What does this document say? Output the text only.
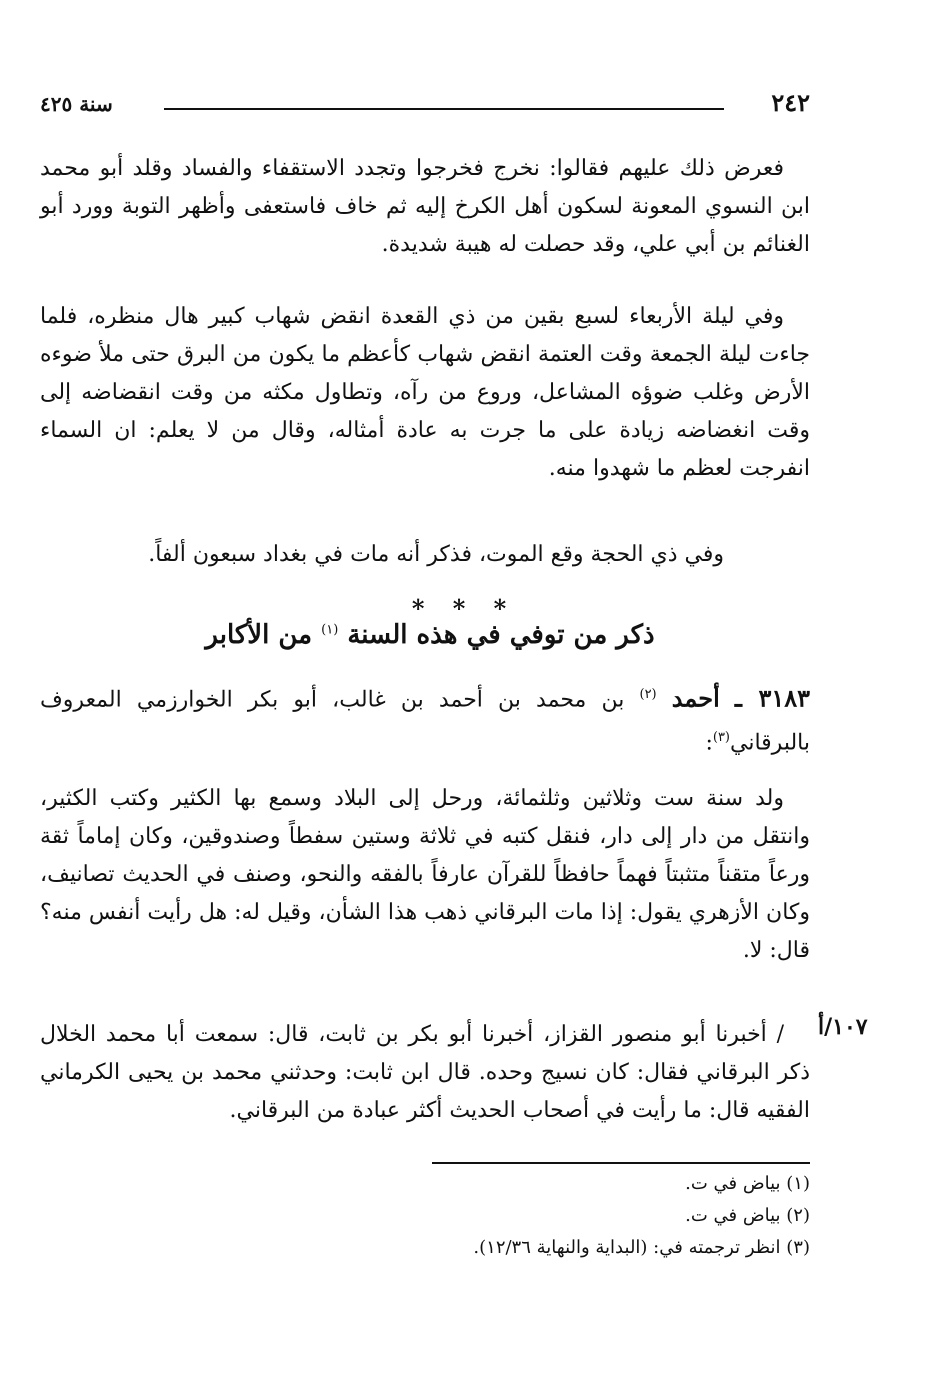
٢٤٢
سنة ٤٢٥

فعرض ذلك عليهم فقالوا: نخرج فخرجوا وتجدد الاستقفاء والفساد وقلد أبو محمد ابن النسوي المعونة لسكون أهل الكرخ إليه ثم خاف فاستعفى وأظهر التوبة وورد أبو الغنائم بن أبي علي، وقد حصلت له هيبة شديدة.

وفي ليلة الأربعاء لسبع بقين من ذي القعدة انقض شهاب كبير هال منظره، فلما جاءت ليلة الجمعة وقت العتمة انقض شهاب كأعظم ما يكون من البرق حتى ملأ ضوءه الأرض وغلب ضوؤه المشاعل، وروع من رآه، وتطاول مكثه من وقت انقضاضه إلى وقت انغضاضه زيادة على ما جرت به عادة أمثاله، وقال من لا يعلم: ان السماء انفرجت لعظم ما شهدوا منه.

وفي ذي الحجة وقع الموت، فذكر أنه مات في بغداد سبعون ألفاً.

* * *
ذكر من توفي في هذه السنة $^{(١)}$ من الأكابر
٣١٨٣ ـ أحمد $^{(٢)}$ بن محمد بن أحمد بن غالب، أبو بكر الخوارزمي المعروف بالبرقاني$^{(٣)}$:

ولد سنة ست وثلاثين وثلثمائة، ورحل إلى البلاد وسمع بها الكثير وكتب الكثير، وانتقل من دار إلى دار، فنقل كتبه في ثلاثة وستين سفطاً وصندوقين، وكان إماماً ثقة ورعاً متقناً متثبتاً فهماً حافظاً للقرآن عارفاً بالفقه والنحو، وصنف في الحديث تصانيف، وكان الأزهري يقول: إذا مات البرقاني ذهب هذا الشأن، وقيل له: هل رأيت أنفس منه؟ قال: لا.

١٠٧/أ

/ أخبرنا أبو منصور القزاز، أخبرنا أبو بكر بن ثابت، قال: سمعت أبا محمد الخلال ذكر البرقاني فقال: كان نسيج وحده. قال ابن ثابت: وحدثني محمد بن يحيى الكرماني الفقيه قال: ما رأيت في أصحاب الحديث أكثر عبادة من البرقاني.

(١) بياض في ت.

(٢) بياض في ت.

(٣) انظر ترجمته في: (البداية والنهاية ١٢/٣٦).
